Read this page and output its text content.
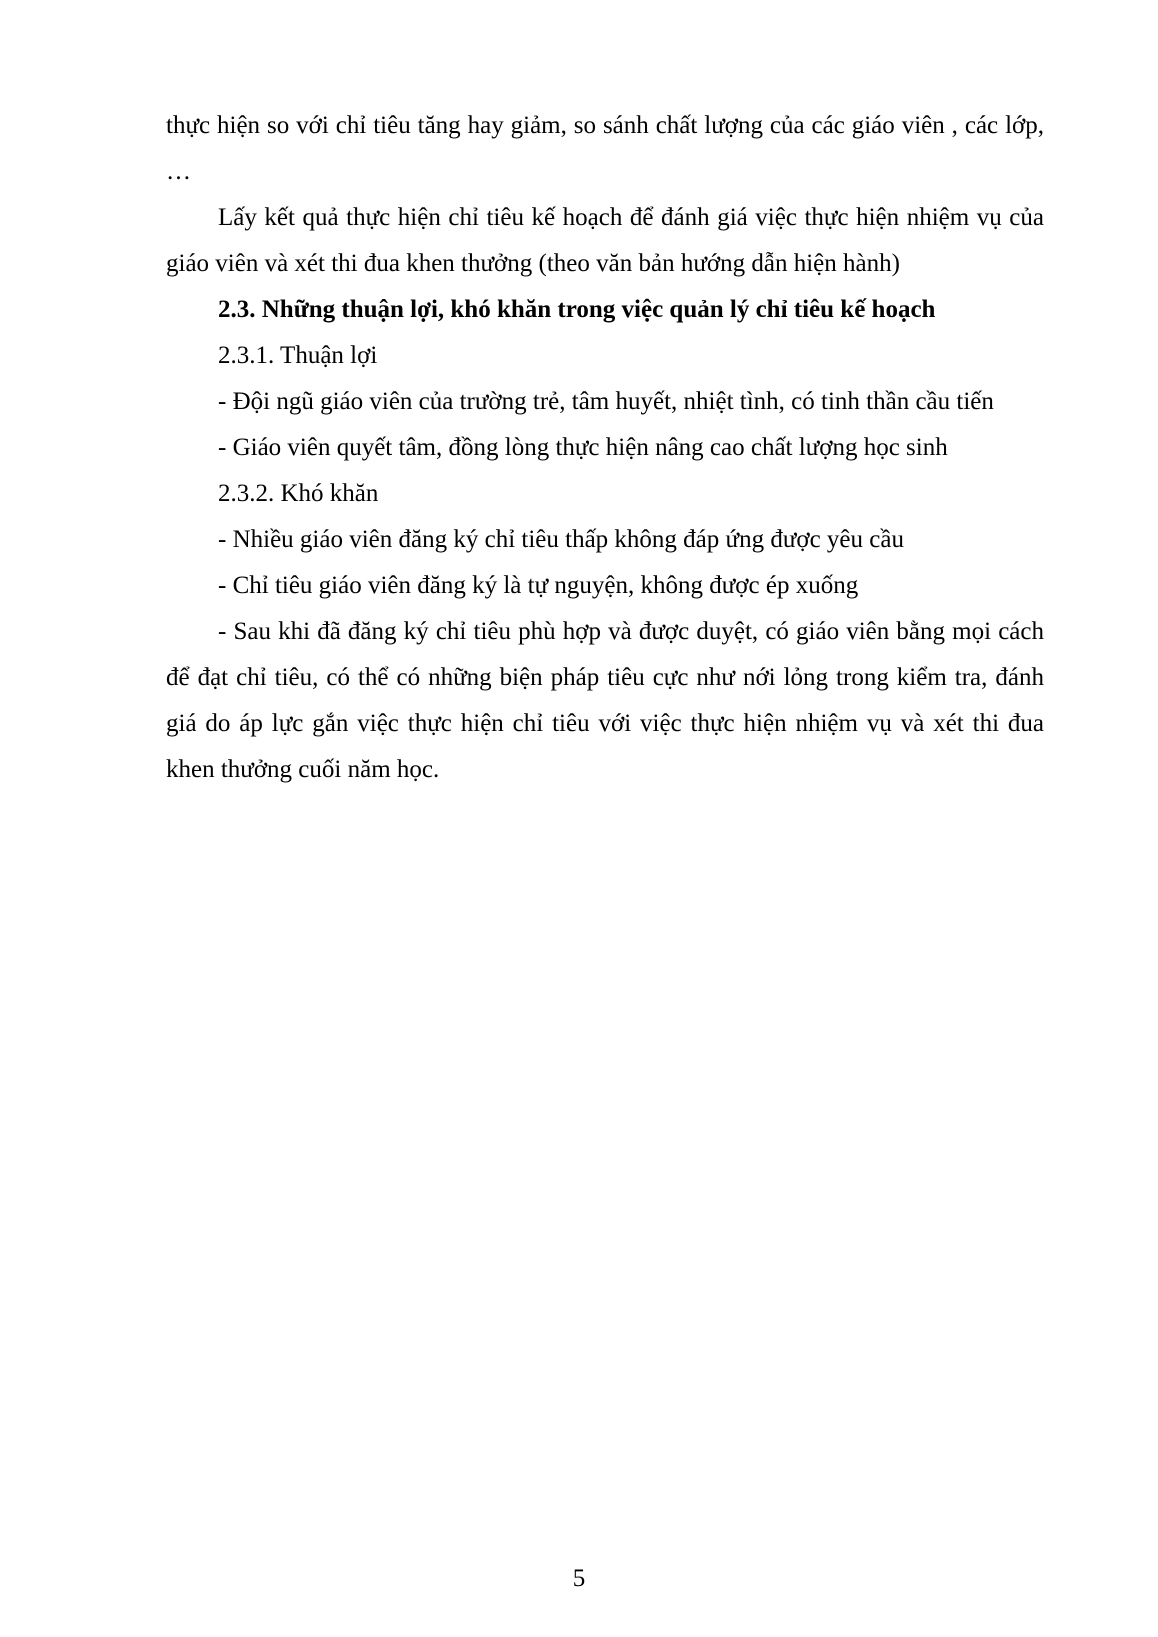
thực hiện so với chỉ tiêu tăng hay giảm, so sánh chất lượng của các giáo viên , các lớp, …

Lấy kết quả thực hiện chỉ tiêu kế hoạch để đánh giá việc thực hiện nhiệm vụ của giáo viên và xét thi đua khen thưởng (theo văn bản hướng dẫn hiện hành)

2.3. Những thuận lợi, khó khăn trong việc quản lý chỉ tiêu kế hoạch

2.3.1. Thuận lợi

- Đội ngũ giáo viên của trường trẻ, tâm huyết, nhiệt tình, có tinh thần cầu tiến

- Giáo viên quyết tâm, đồng lòng thực hiện nâng cao chất lượng học sinh

2.3.2. Khó khăn

- Nhiều giáo viên đăng ký chỉ tiêu thấp không đáp ứng được yêu cầu

- Chỉ tiêu giáo viên đăng ký là tự nguyện, không được ép xuống

- Sau khi đã đăng ký chỉ tiêu phù hợp và được duyệt, có giáo viên bằng mọi cách để đạt chỉ tiêu, có thể có những biện pháp tiêu cực như nới lỏng trong kiểm tra, đánh giá do áp lực gắn việc thực hiện chỉ tiêu với việc thực hiện nhiệm vụ và xét thi đua khen thưởng cuối năm học.

5
